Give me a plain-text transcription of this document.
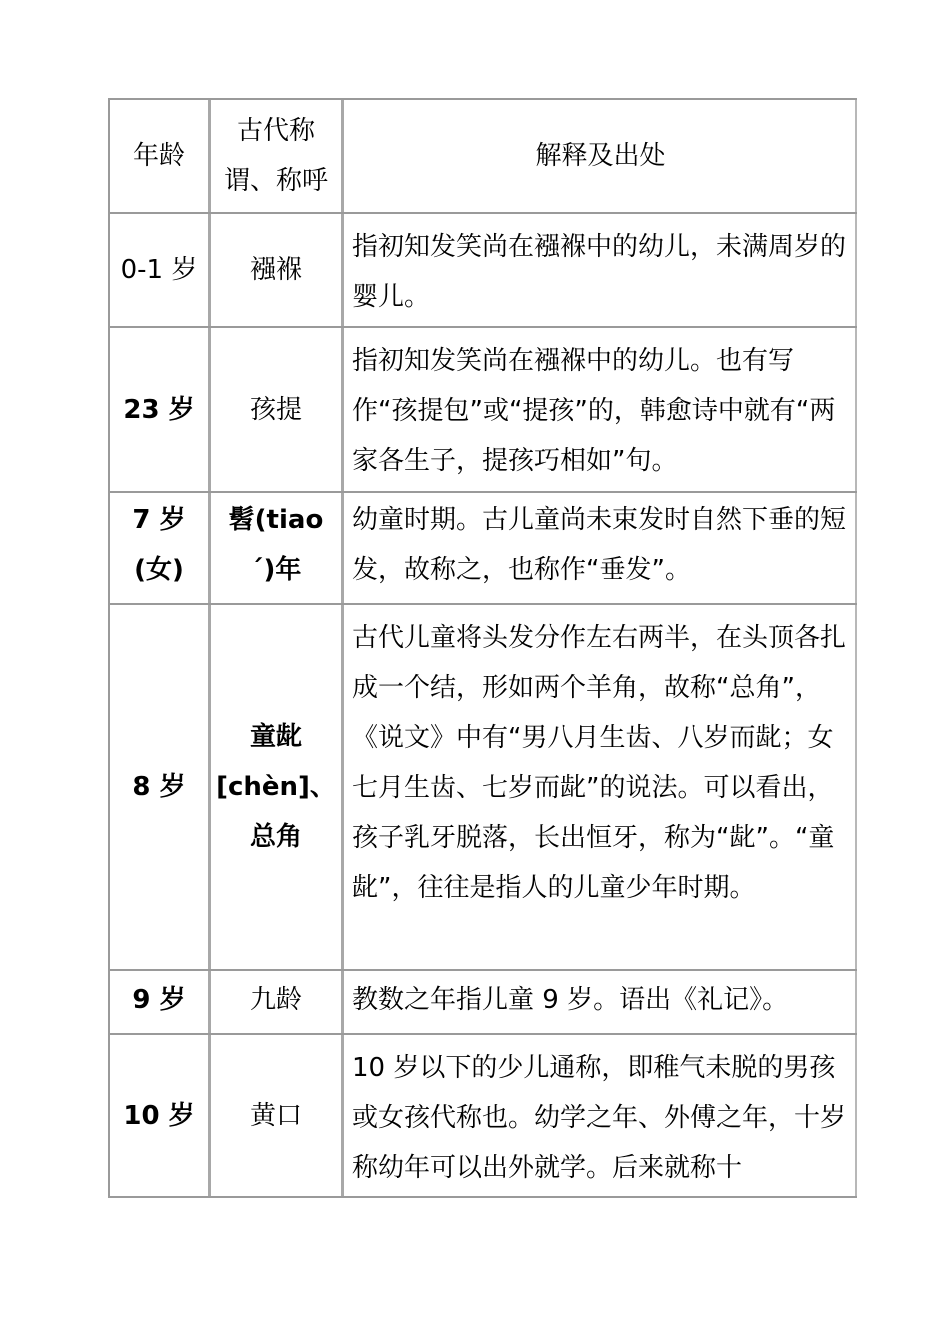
年龄
古代称谓、称呼
解释及出处
0-1 岁 襁褓
指初知发笑尚在襁褓中的幼儿，未满周岁的婴儿。
23 岁 孩提
指初知发笑尚在襁褓中的幼儿。也有写作“孩提包”或“提孩”的，韩愈诗中就有“两家各生子，提孩巧相如”句。
7 岁(女)
髫(tiao´)年
幼童时期。古儿童尚未束发时自然下垂的短发，故称之，也称作“垂发”。
8 岁
童龀[chèn]、总角
古代儿童将头发分作左右两半，在头顶各扎成一个结，形如两个羊角，故称“总角”，《说文》中有“男八月生齿、八岁而龀；女七月生齿、七岁而龀”的说法。可以看出，孩子乳牙脱落，长出恒牙，称为“龀”。“童龀”，往往是指人的儿童少年时期。
9 岁 九龄 教数之年指儿童 9 岁。语出《礼记》。
10 岁 黄口
10 岁以下的少儿通称，即稚气未脱的男孩或女孩代称也。幼学之年、外傅之年，十岁称幼年可以出外就学。后来就称十
